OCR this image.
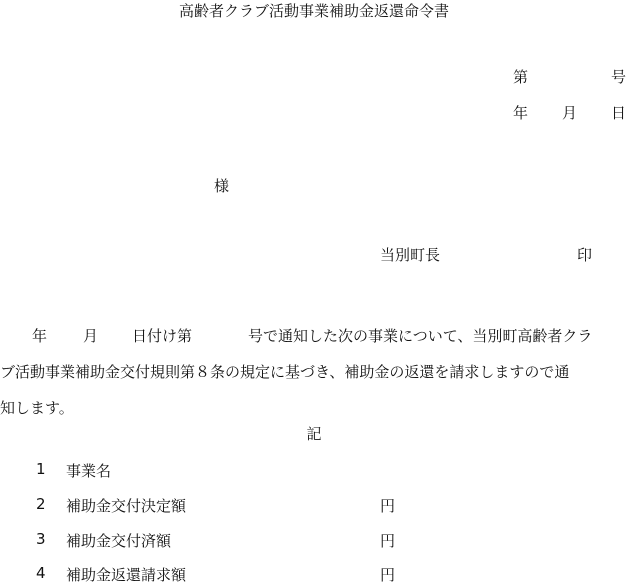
高齢者クラブ活動事業補助金返還命令書
第	号
年 月 日
様
当別町長	印
年 月 日付け第	号で通知した次の事業について、当別町高齢者クラ
ブ活動事業補助金交付規則第８条の規定に基づき、補助金の返還を請求しますので通
知します。
記
1 事業名
2 補助金交付決定額	円
3 補助金交付済額	円
4 補助金返還請求額	円
